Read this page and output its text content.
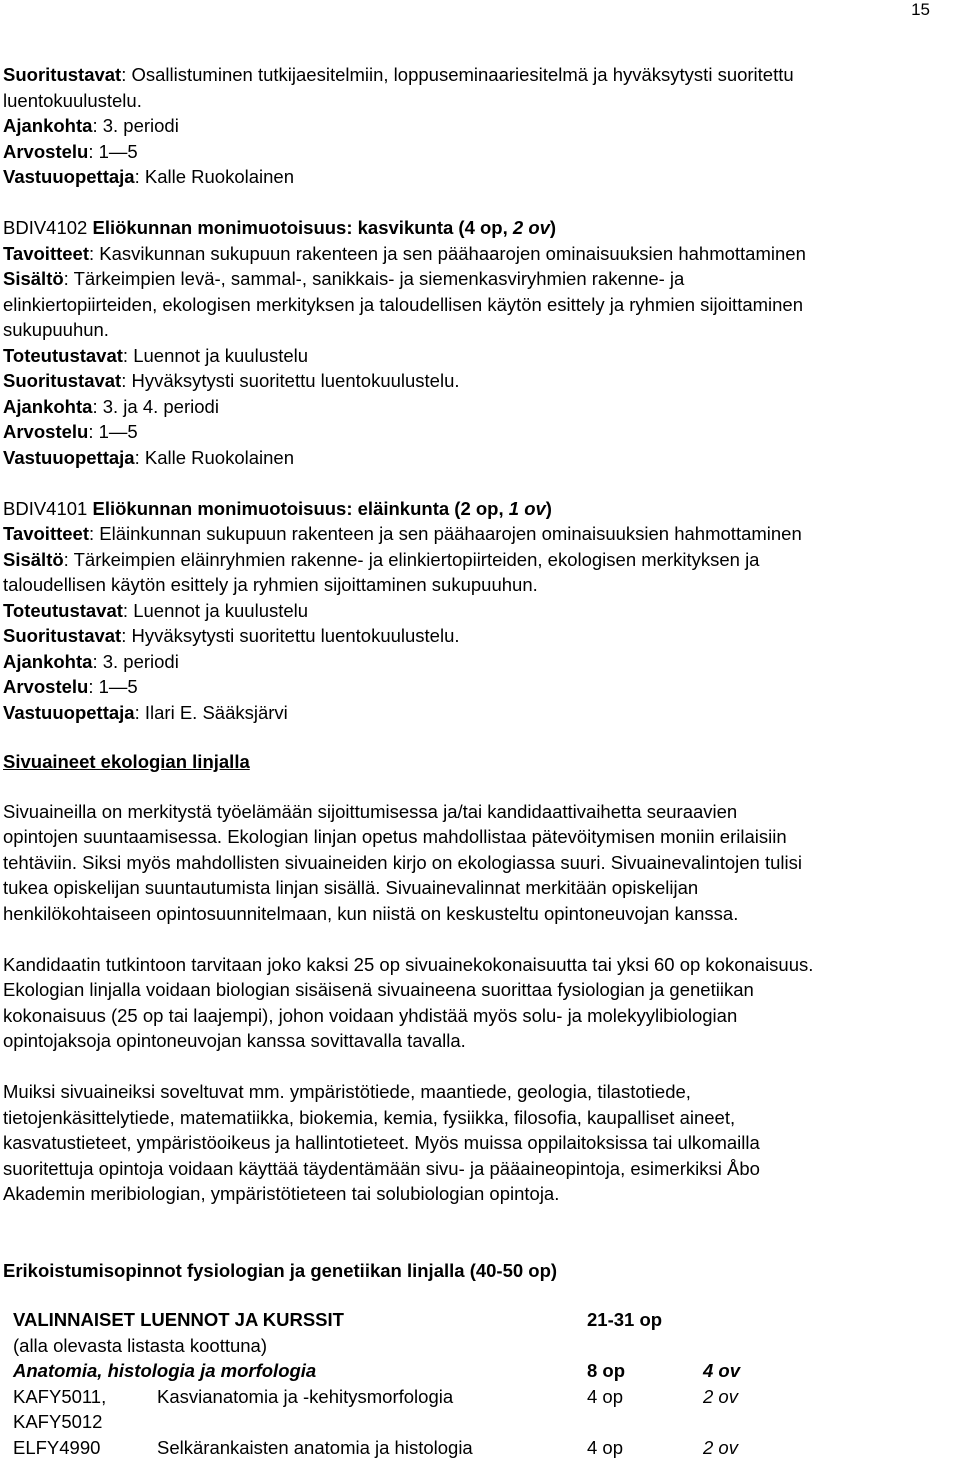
15
Suoritustavat: Osallistuminen tutkijaesitelmiin, loppuseminaariesitelmä ja hyväksytysti suoritettu
luentokuulustelu.
Ajankohta: 3. periodi
Arvostelu: 1—5
Vastuuopettaja: Kalle Ruokolainen
BDIV4102 Eliökunnan monimuotoisuus: kasvikunta (4 op, 2 ov)
Tavoitteet: Kasvikunnan sukupuun rakenteen ja sen päähaarojen ominaisuuksien hahmottaminen
Sisältö: Tärkeimpien levä-, sammal-, sanikkais- ja siemenkasviryhmien rakenne- ja
elinkiertopiirteiden, ekologisen merkityksen ja taloudellisen käytön esittely ja ryhmien sijoittaminen
sukupuuhun.
Toteutustavat: Luennot ja kuulustelu
Suoritustavat: Hyväksytysti suoritettu luentokuulustelu.
Ajankohta: 3. ja 4. periodi
Arvostelu: 1—5
Vastuuopettaja: Kalle Ruokolainen
BDIV4101 Eliökunnan monimuotoisuus: eläinkunta (2 op, 1 ov)
Tavoitteet: Eläinkunnan sukupuun rakenteen ja sen päähaarojen ominaisuuksien hahmottaminen
Sisältö: Tärkeimpien eläinryhmien rakenne- ja elinkiertopiirteiden, ekologisen merkityksen ja
taloudellisen käytön esittely ja ryhmien sijoittaminen sukupuuhun.
Toteutustavat: Luennot ja kuulustelu
Suoritustavat: Hyväksytysti suoritettu luentokuulustelu.
Ajankohta: 3. periodi
Arvostelu: 1—5
Vastuuopettaja: Ilari E. Sääksjärvi
Sivuaineet ekologian linjalla
Sivuaineilla on merkitystä työelämään sijoittumisessa ja/tai kandidaattivaihetta seuraavien
opintojen suuntaamisessa. Ekologian linjan opetus mahdollistaa pätevöitymisen moniin erilaisiin
tehtäviin. Siksi myös mahdollisten sivuaineiden kirjo on ekologiassa suuri. Sivuainevalintojen tulisi
tukea opiskelijan suuntautumista linjan sisällä. Sivuainevalinnat merkitään opiskelijan
henkilökohtaiseen opintosuunnitelmaan, kun niistä on keskusteltu opintoneuvojan kanssa.
Kandidaatin tutkintoon tarvitaan joko kaksi 25 op sivuainekokonaisuutta tai yksi 60 op kokonaisuus.
Ekologian linjalla voidaan biologian sisäisenä sivuaineena suorittaa fysiologian ja genetiikan
kokonaisuus (25 op tai laajempi), johon voidaan yhdistää myös solu- ja molekyylibiologian
opintojaksoja opintoneuvojan kanssa sovittavalla tavalla.
Muiksi sivuaineiksi soveltuvat mm. ympäristötiede, maantiede, geologia, tilastotiede,
tietojenkäsittelytiede, matematiikka, biokemia, kemia, fysiikka, filosofia, kaupalliset aineet,
kasvatustieteet, ympäristöoikeus ja hallintotieteet. Myös muissa oppilaitoksissa tai ulkomailla
suoritettuja opintoja voidaan käyttää täydentämään sivu- ja pääaineopintoja, esimerkiksi Åbo
Akademin meribiologian, ympäristötieteen tai solubiologian opintoja.
Erikoistumisopinnot fysiologian ja genetiikan linjalla (40-50 op)
VALINNAISET LUENNOT JA KURSSIT		21-31 op	
(alla olevasta listasta koottuna)			
Anatomia, histologia ja morfologia		8 op	4 ov
KAFY5011,	Kasvianatomia ja -kehitysmorfologia	4 op	2 ov
KAFY5012			
ELFY4990	Selkärankaisten anatomia ja histologia	4 op	2 ov
